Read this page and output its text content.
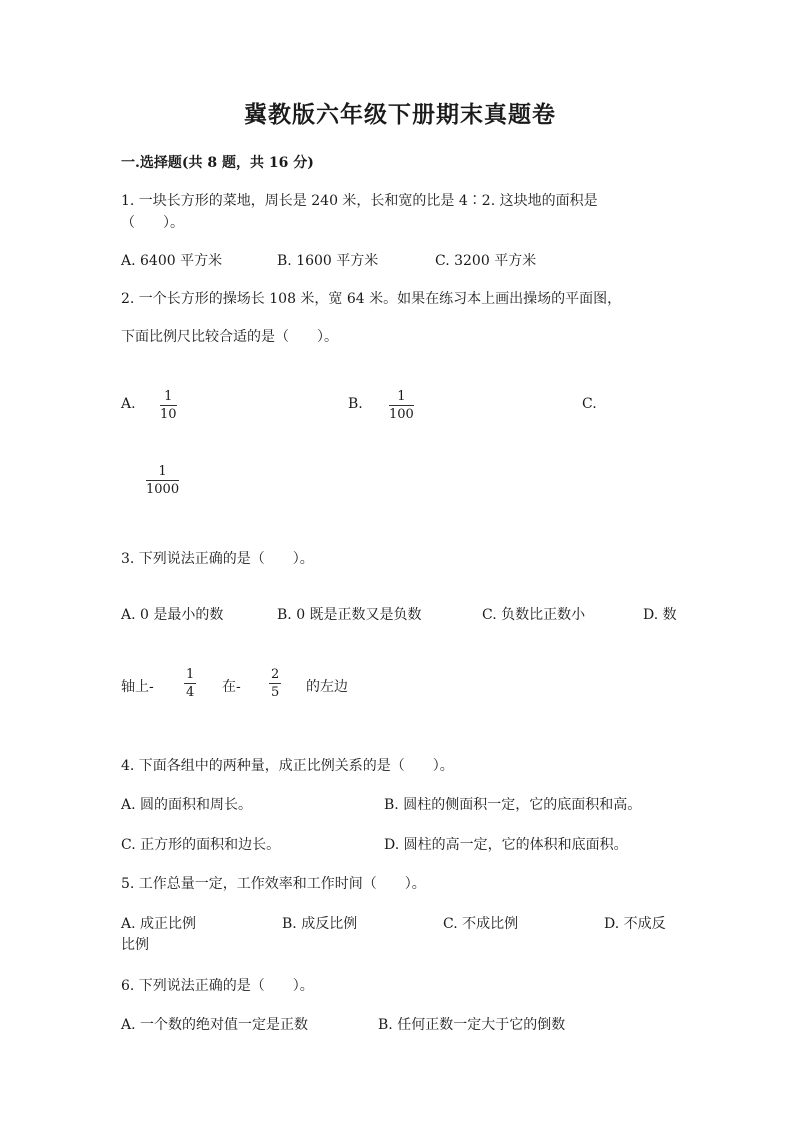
冀教版六年级下册期末真题卷
一.选择题(共 8 题，共 16 分)
1. 一块长方形的菜地，周长是 240 米，长和宽的比是 4∶2. 这块地的面积是
（　　）。
A. 6400 平方米	B. 1600 平方米	C. 3200 平方米
2. 一个长方形的操场长 108 米，宽 64 米。如果在练习本上画出操场的平面图，
下面比例尺比较合适的是（　　）。
A. 1
10
B.	1
100
C.
1
1000
3. 下列说法正确的是（　　）。
A. 0 是最小的数	B. 0 既是正数又是负数	C. 负数比正数小	D. 数
轴上-
1
4 在-
2
5 的左边
4. 下面各组中的两种量，成正比例关系的是（　　）。
A. 圆的面积和周长。	B. 圆柱的侧面积一定，它的底面积和高。
C. 正方形的面积和边长。	D. 圆柱的高一定，它的体积和底面积。
5. 工作总量一定，工作效率和工作时间（　　）。
A. 成正比例	B. 成反比例	C. 不成比例	D. 不成反
比例
6. 下列说法正确的是（　　）。
A. 一个数的绝对值一定是正数	B. 任何正数一定大于它的倒数
